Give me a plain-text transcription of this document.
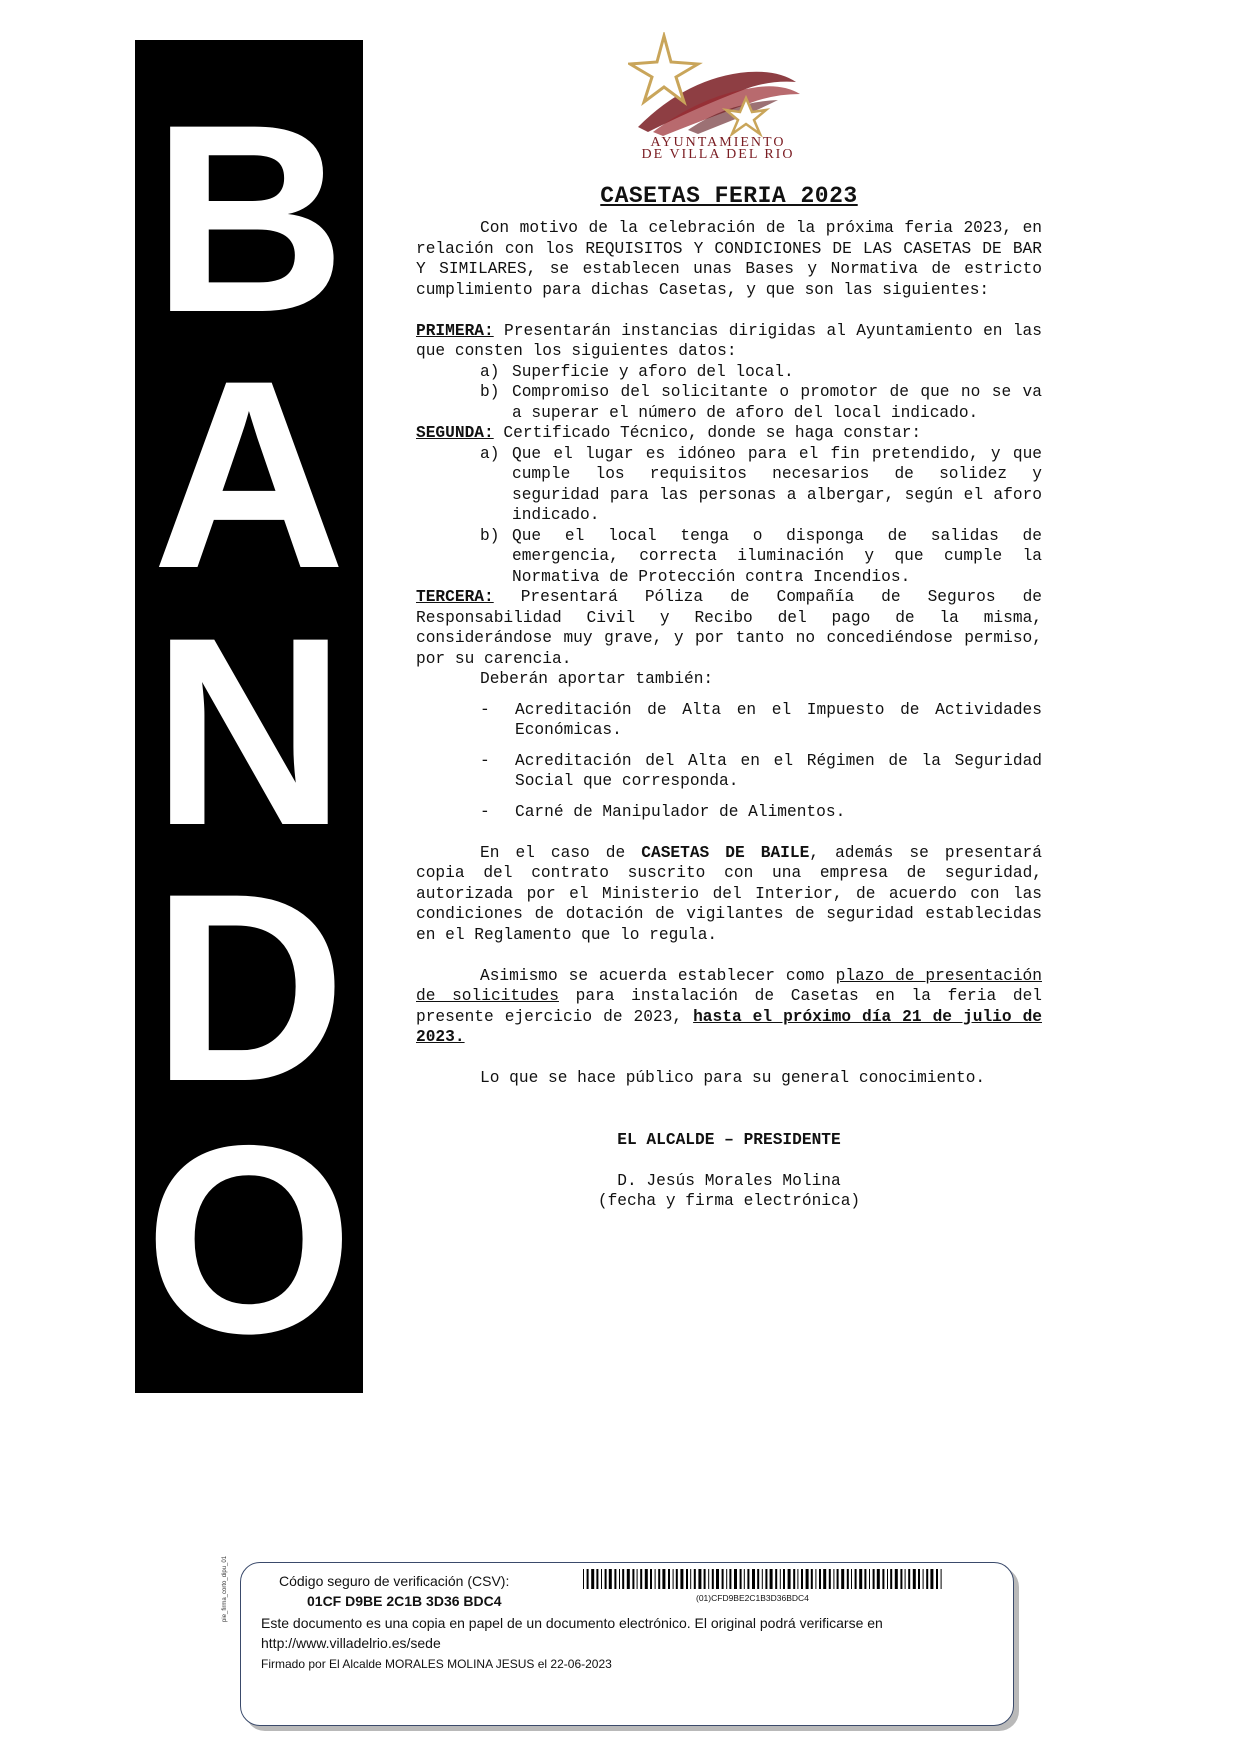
B
A
N
D
O
AYUNTAMIENTO
DE VILLA DEL RIO
CASETAS FERIA 2023

Con motivo de la celebración de la próxima feria 2023, en relación con los REQUISITOS Y CONDICIONES DE LAS CASETAS DE BAR Y SIMILARES, se establecen unas Bases y Normativa de estricto cumplimiento para dichas Casetas, y que son las siguientes:

PRIMERA: Presentarán instancias dirigidas al Ayuntamiento en las que consten los siguientes datos:

a) Superficie y aforo del local.
b) Compromiso del solicitante o promotor de que no se va a superar el número de aforo del local indicado.

SEGUNDA: Certificado Técnico, donde se haga constar:

a) Que el lugar es idóneo para el fin pretendido, y que cumple los requisitos necesarios de solidez y seguridad para las personas a albergar, según el aforo indicado.
b) Que el local tenga o disponga de salidas de emergencia, correcta iluminación y que cumple la Normativa de Protección contra Incendios.

TERCERA: Presentará Póliza de Compañía de Seguros de Responsabilidad Civil y Recibo del pago de la misma, considerándose muy grave, y por tanto no concediéndose permiso, por su carencia.

Deberán aportar también:

-	Acreditación de Alta en el Impuesto de Actividades Económicas.
-	Acreditación del Alta en el Régimen de la Seguridad Social que corresponda.
-	Carné de Manipulador de Alimentos.

En el caso de CASETAS DE BAILE, además se presentará copia del contrato suscrito con una empresa de seguridad, autorizada por el Ministerio del Interior, de acuerdo con las condiciones de dotación de vigilantes de seguridad establecidas en el Reglamento que lo regula.

Asimismo se acuerda establecer como plazo de presentación de solicitudes para instalación de Casetas en la feria del presente ejercicio de 2023, hasta el próximo día 21 de julio de 2023.

Lo que se hace público para su general conocimiento.

EL ALCALDE – PRESIDENTE

D. Jesús Morales Molina

(fecha y firma electrónica)

pie_firma_corto_dipu_01	Código seguro de verificación (CSV):
01CF D9BE 2C1B 3D36 BDC4	(01)CFD9BE2C1B3D36BDC4
Este documento es una copia en papel de un documento electrónico. El original podrá verificarse en
http://www.villadelrio.es/sede
Firmado por El Alcalde MORALES MOLINA JESUS el 22-06-2023
